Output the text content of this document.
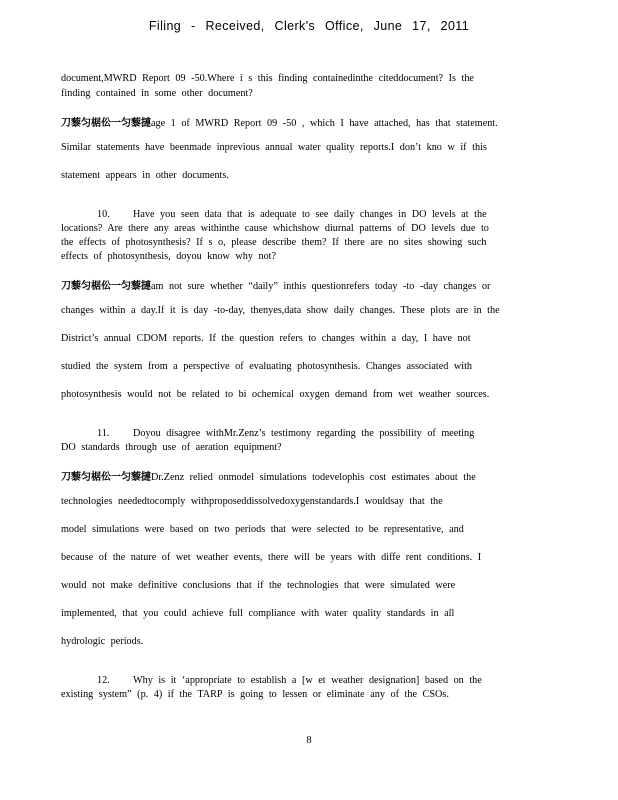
Filing - Received, Clerk's Office, June 17, 2011
document,MWRD Report 09 -50.Where i s this finding containedinthe citeddocument? Is the
finding contained in some other document?
刀藜匀椐伀一匀藜摙age 1 of MWRD Report 09 -50 , which I have attached, has that statement.
Similar statements have beenmade inprevious annual water quality reports.I don’t kno w if this
statement appears in other documents.
10. Have you seen data that is adequate to see daily changes in DO levels at the
locations? Are there any areas withinthe cause whichshow diurnal patterns of DO levels due to
the effects of photosynthesis? If s o, please describe them? If there are no sites showing such
effects of photosynthesis, doyou know why not?
刀藜匀椐伀一匀藜摙am not sure whether “daily” inthis questionrefers today -to -day changes or
changes within a day.If it is day -to-day, thenyes,data show daily changes. These plots are in the
District’s annual CDOM reports. If the question refers to changes within a day, I have not
studied the system from a perspective of evaluating photosynthesis. Changes associated with
photosynthesis would not be related to bi ochemical oxygen demand from wet weather sources.
11. Doyou disagree withMr.Zenz’s testimony regarding the possibility of meeting
DO standards through use of aeration equipment?
刀藜匀椐伀一匀藜摙Dr.Zenz relied onmodel simulations todevelophis cost estimates about the
technologies neededtocomply withproposeddissolvedoxygenstandards.I wouldsay that the
model simulations were based on two periods that were selected to be representative, and
because of the nature of wet weather events, there will be years with diffe rent conditions. I
would not make definitive conclusions that if the technologies that were simulated were
implemented, that you could achieve full compliance with water quality standards in all
hydrologic periods.
12. Why is it ‘appropriate to establish a [w et weather designation] based on the
existing system” (p. 4) if the TARP is going to lessen or eliminate any of the CSOs.
8
